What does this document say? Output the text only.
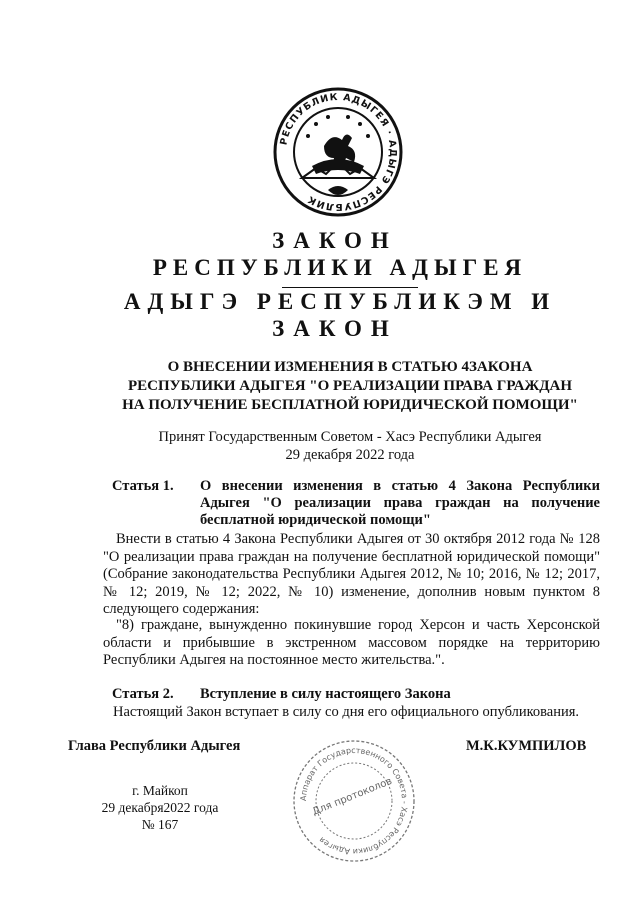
РЕСПУБЛИК АДЫГЕЯ · АДЫГЭ РЕСПУБЛИК
ЗАКОН
РЕСПУБЛИКИ АДЫГЕЯ
АДЫГЭ РЕСПУБЛИКЭМ И
ЗАКОН
О ВНЕСЕНИИ ИЗМЕНЕНИЯ В СТАТЬЮ 4ЗАКОНА
РЕСПУБЛИКИ АДЫГЕЯ "О РЕАЛИЗАЦИИ ПРАВА ГРАЖДАН
НА ПОЛУЧЕНИЕ БЕСПЛАТНОЙ ЮРИДИЧЕСКОЙ ПОМОЩИ"
Принят Государственным Советом - Хасэ Республики Адыгея
29 декабря 2022 года
Статья 1. О внесении изменения в статью 4 Закона Республики Адыгея "О реализации права граждан на получение бесплатной юридической помощи"
Внести в статью 4 Закона Республики Адыгея от 30 октября 2012 года № 128 "О реализации права граждан на получение бесплатной юридической помощи" (Собрание законодательства Республики Адыгея 2012, № 10; 2016, № 12; 2017, № 12; 2019, № 12; 2022, № 10) изменение, дополнив новым пунктом 8 следующего содержания:
"8) граждане, вынужденно покинувшие город Херсон и часть Херсонской области и прибывшие в экстренном массовом порядке на территорию Республики Адыгея на постоянное место жительства.".
Статья 2. Вступление в силу настоящего Закона
Настоящий Закон вступает в силу со дня его официального опубликования.
Глава Республики Адыгея	М.К.КУМПИЛОВ
г. Майкоп
29 декабря2022 года
№ 167
Аппарат Государственного Совета - Хасэ Республики Адыгея
Для протоколов
